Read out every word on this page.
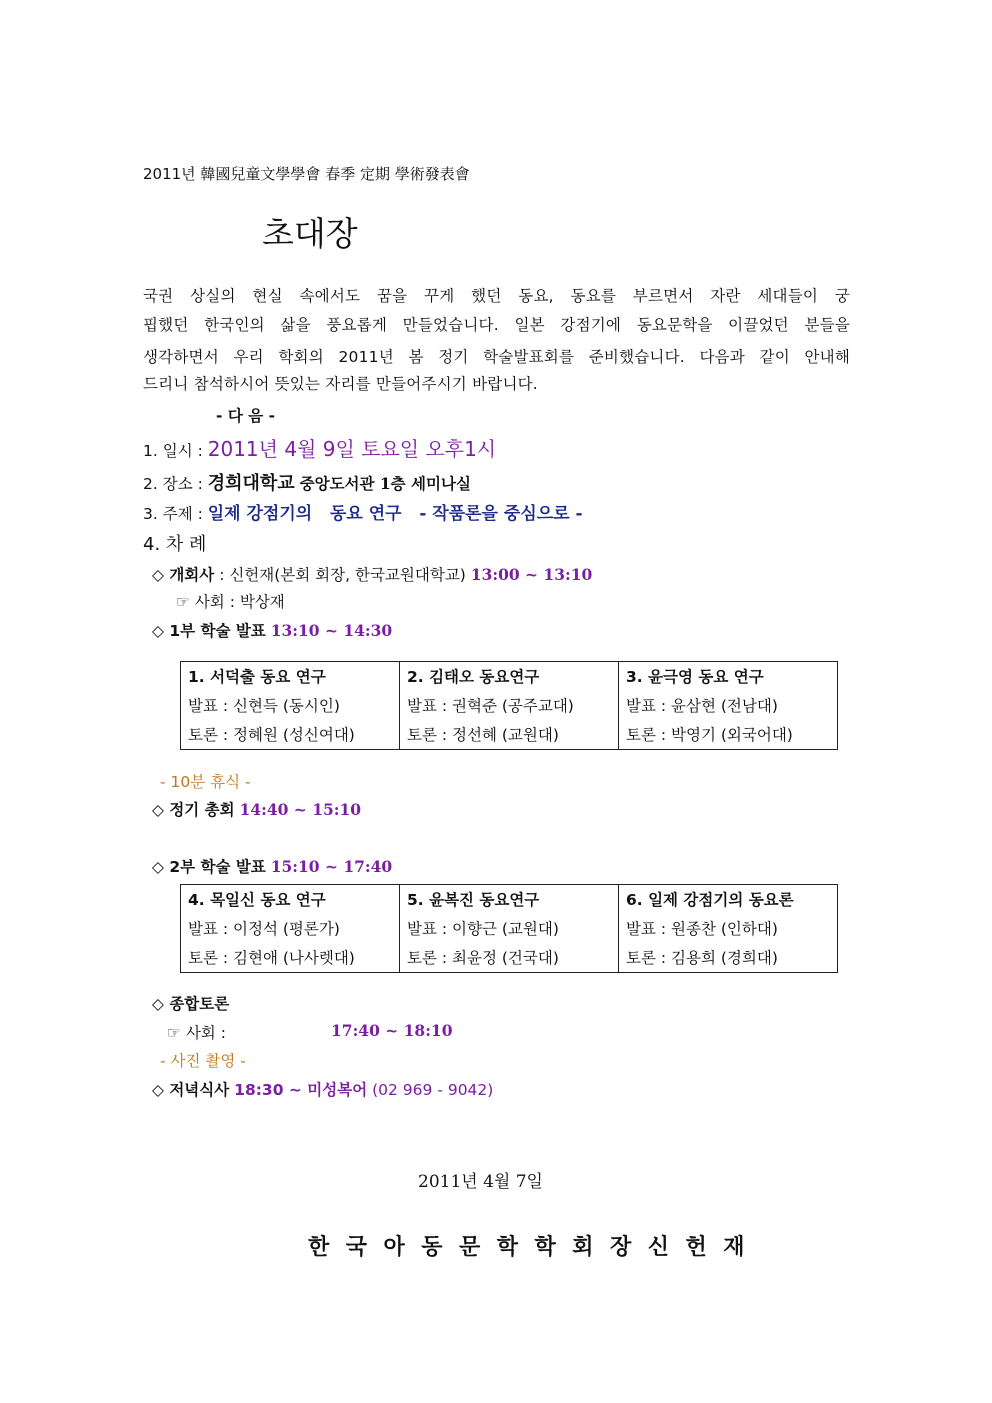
2011년 韓國兒童文學學會 春季 定期 學術發表會
초대장
국권 상실의 현실 속에서도 꿈을 꾸게 했던 동요, 동요를 부르면서 자란 세대들이 궁
핍했던 한국인의 삶을 풍요롭게 만들었습니다. 일본 강점기에 동요문학을 이끌었던 분들을
생각하면서 우리 학회의 2011년 봄 정기 학술발표회를 준비했습니다. 다음과 같이 안내해
드리니 참석하시어 뜻있는 자리를 만들어주시기 바랍니다.
- 다 음 -
1. 일시 : 2011년 4월 9일 토요일 오후1시
2. 장소 : 경희대학교 중앙도서관 1층 세미나실
3. 주제 : 일제 강점기의   동요 연구   - 작품론을 중심으로 -
4. 차 례
◇ 개회사 : 신헌재(본회 회장, 한국교원대학교) 13:00 ~ 13:10
☞ 사회 : 박상재
◇ 1부 학술 발표 13:10 ~ 14:30
1. 서덕출 동요 연구	2. 김태오 동요연구	3. 윤극영 동요 연구
발표 : 신현득 (동시인)	발표 : 권혁준 (공주교대)	발표 : 윤삼현 (전남대)
토론 : 정혜원 (성신여대)	토론 : 정선혜 (교원대)	토론 : 박영기 (외국어대)
- 10분 휴식 -
◇ 정기 총회 14:40 ~ 15:10
◇ 2부 학술 발표 15:10 ~ 17:40
4. 목일신 동요 연구	5. 윤복진 동요연구	6. 일제 강점기의 동요론
발표 : 이정석 (평론가)	발표 : 이향근 (교원대)	발표 : 원종찬 (인하대)
토론 : 김현애 (나사렛대)	토론 : 최윤정 (건국대)	토론 : 김용희 (경희대)
◇ 종합토론
☞ 사회 :	17:40 ~ 18:10
- 사진 촬영 -
◇ 저녁식사 18:30 ~ 미성복어 (02 969 - 9042)
2011년 4월 7일
한국아동문학학회장신헌재
